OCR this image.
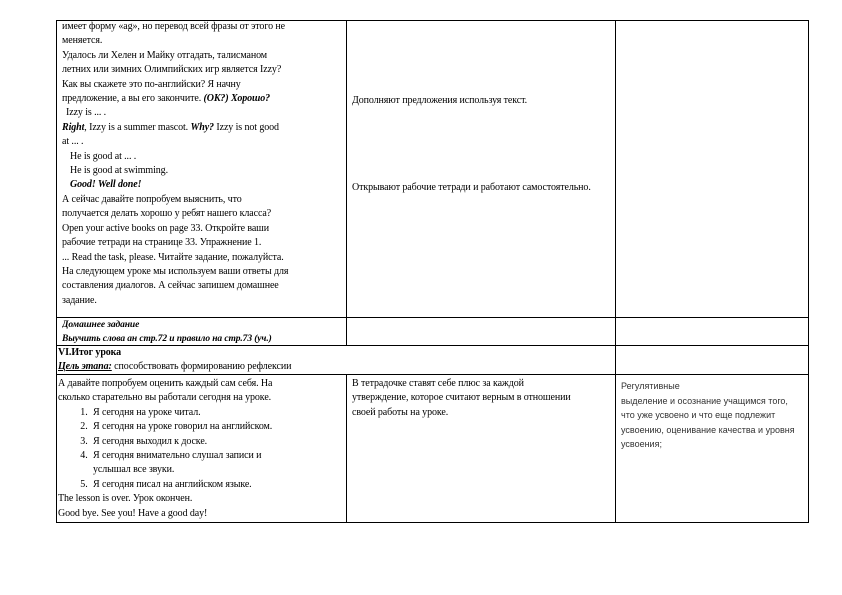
имеет форму «ag», но перевод всей фразы от этого не

меняется.

Удалось ли Хелен и Майку отгадать, талисманом

летних или зимних Олимпийских игр является Izzy?

Как вы скажете это по-английски? Я начну

предложение, а вы его закончите. (OK?) Хорошо?

Izzy is ... .

Right, Izzy is a summer mascot. Why? Izzy is not good

at ... .

He is good at ... .

He is good at swimming.

Good! Well done!

А сейчас давайте попробуем выяснить, что

получается делать хорошо у ребят нашего класса?

Open your active books on page 33. Откройте ваши

рабочие тетради на странице 33. Упражнение 1.

... Read the task, please. Читайте задание, пожалуйста.

На следующем уроке мы используем ваши ответы для

составления диалогов. А сейчас запишем домашнее

задание.

Дополняют предложения используя текст.

Открывают рабочие тетради и работают самостоятельно.

Домашнее задание

Выучить слова ан стр.72 и правило на стр.73 (уч.)

VI.Итог урока

Цель этапа: способствовать формированию рефлексии

А давайте попробуем оценить каждый сам себя. На

сколько старательно вы работали сегодня на уроке.

1. Я сегодня на уроке читал.
2. Я сегодня на уроке говорил на английском.
3. Я сегодня выходил к доске.
4. Я сегодня внимательно слушал записи и
услышал все звуки.
5. Я сегодня писал на английском языке.

The lesson is over. Урок окончен.

Good bye. See you! Have a good day!

В тетрадочке ставят себе плюс за каждой утверждение, которое считают верным в отношении своей работы на уроке.

Регулятивные

выделение и осознание учащимся того, что уже усвоено и что еще подлежит усвоению, оценивание качества и уровня усвоения;
